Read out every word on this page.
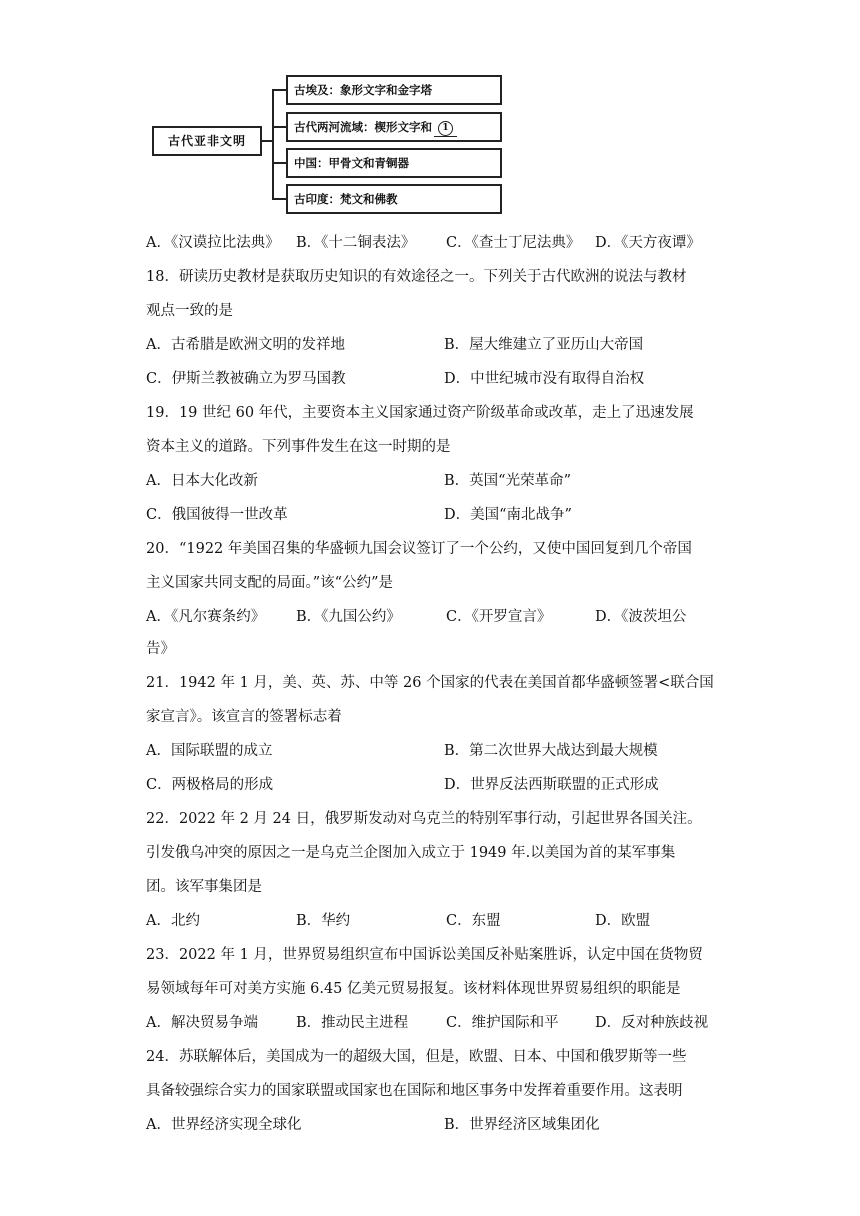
古代亚非文明
古埃及：象形文字和金字塔
古代两河流域：楔形文字和 1
中国：甲骨文和青铜器
古印度：梵文和佛教
A．《汉谟拉比法典》 B．《十二铜表法》 C．《查士丁尼法典》 D．《天方夜谭》
18．研读历史教材是获取历史知识的有效途径之一。下列关于古代欧洲的说法与教材
观点一致的是
A．古希腊是欧洲文明的发祥地	B．屋大维建立了亚历山大帝国
C．伊斯兰教被确立为罗马国教	D．中世纪城市没有取得自治权
19．19 世纪 60 年代，主要资本主义国家通过资产阶级革命或改革，走上了迅速发展
资本主义的道路。下列事件发生在这一时期的是
A．日本大化改新	B．英国“光荣革命”
C．俄国彼得一世改革	D．美国“南北战争”
20．“1922 年美国召集的华盛顿九国会议签订了一个公约，又使中国回复到几个帝国
主义国家共同支配的局面。”该“公约”是
A．《凡尔赛条约》 B．《九国公约》	C．《开罗宣言》	D．《波茨坦公
告》
21．1942 年 1 月，美、英、苏、中等 26 个国家的代表在美国首都华盛顿签署<联合国
家宣言》。该宣言的签署标志着
A．国际联盟的成立	B．第二次世界大战达到最大规模
C．两极格局的形成	D．世界反法西斯联盟的正式形成
22．2022 年 2 月 24 日，俄罗斯发动对乌克兰的特别军事行动，引起世界各国关注。
引发俄乌冲突的原因之一是乌克兰企图加入成立于 1949 年.以美国为首的某军事集
团。该军事集团是
A．北约	B．华约	C．东盟	D．欧盟
23．2022 年 1 月，世界贸易组织宣布中国诉讼美国反补贴案胜诉，认定中国在货物贸
易领域每年可对美方实施 6.45 亿美元贸易报复。该材料体现世界贸易组织的职能是
A．解决贸易争端	B．推动民主进程	C．维护国际和平	D．反对种族歧视
24．苏联解体后，美国成为一的超级大国，但是，欧盟、日本、中国和俄罗斯等一些
具备较强综合实力的国家联盟或国家也在国际和地区事务中发挥着重要作用。这表明
A．世界经济实现全球化	B．世界经济区域集团化
